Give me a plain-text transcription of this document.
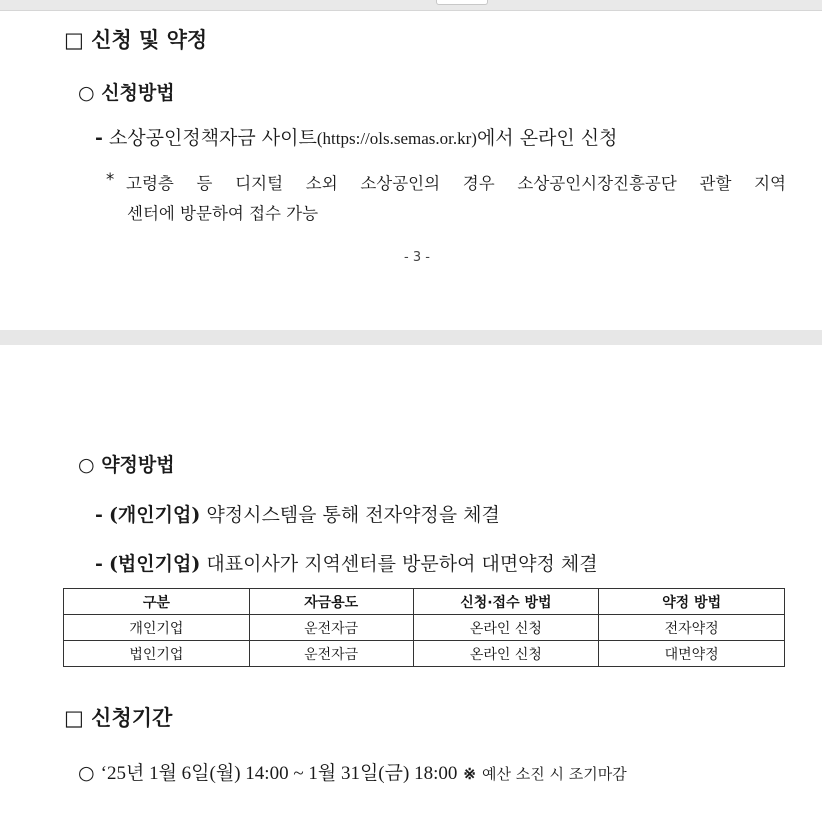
□ 신청 및 약정
○ 신청방법
- 소상공인정책자금 사이트(https://ols.semas.or.kr)에서 온라인 신청
* 고령층 등 디지털 소외 소상공인의 경우 소상공인시장진흥공단 관할 지역
센터에 방문하여 접수 가능
- 3 -
○ 약정방법
- (개인기업) 약정시스템을 통해 전자약정을 체결
- (법인기업) 대표이사가 지역센터를 방문하여 대면약정 체결
구분	자금용도	신청·접수 방법	약정 방법
개인기업	운전자금	온라인 신청	전자약정
법인기업	운전자금	온라인 신청	대면약정
□ 신청기간
○ ‘25년 1월 6일(월) 14:00 ~ 1월 31일(금) 18:00 ※ 예산 소진 시 조기마감
